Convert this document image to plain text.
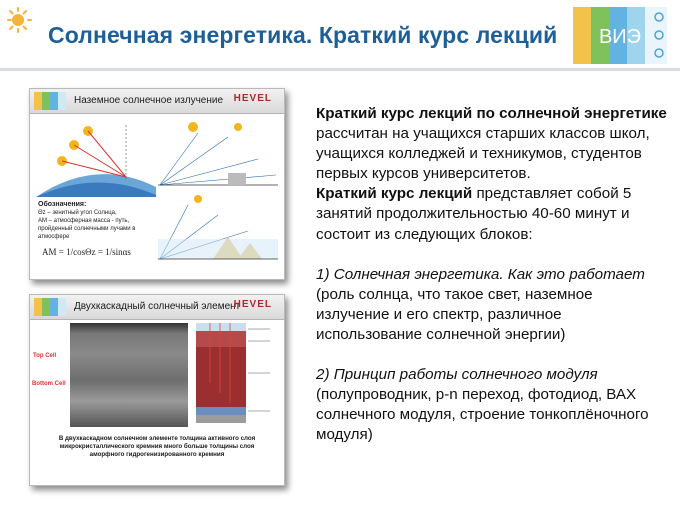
Солнечная энергетика. Краткий курс лекций ВИЭ
Наземное солнечное излучение HEVEL
Обозначения:
Θz – зенитный угол Солнца,
AM – атмосферная масса - путь, пройденный солнечными лучами в атмосфере
AM = 1/cosΘz = 1/sinαs
Двухкаскадный солнечный элемент
HEVEL
Top Cell
Bottom Cell
В двухкаскадном солнечном элементе толщина активного слоя микрокристаллического кремния много больше толщины слоя аморфного гидрогенизированного кремния

Краткий курс лекций по солнечной энергетике рассчитан на учащихся старших классов школ, учащихся колледжей и техникумов, студентов первых курсов университетов.

Краткий курс лекций представляет собой 5 занятий продолжительностью 40-60 минут и состоит из следующих блоков:

1) Солнечная энергетика. Как это работает
(роль солнца, что такое свет, наземное излучение и его спектр, различное использование солнечной энергии)

2) Принцип работы солнечного модуля
(полупроводник, p-n переход, фотодиод, ВАХ солнечного модуля, строение тонкоплёночного модуля)
